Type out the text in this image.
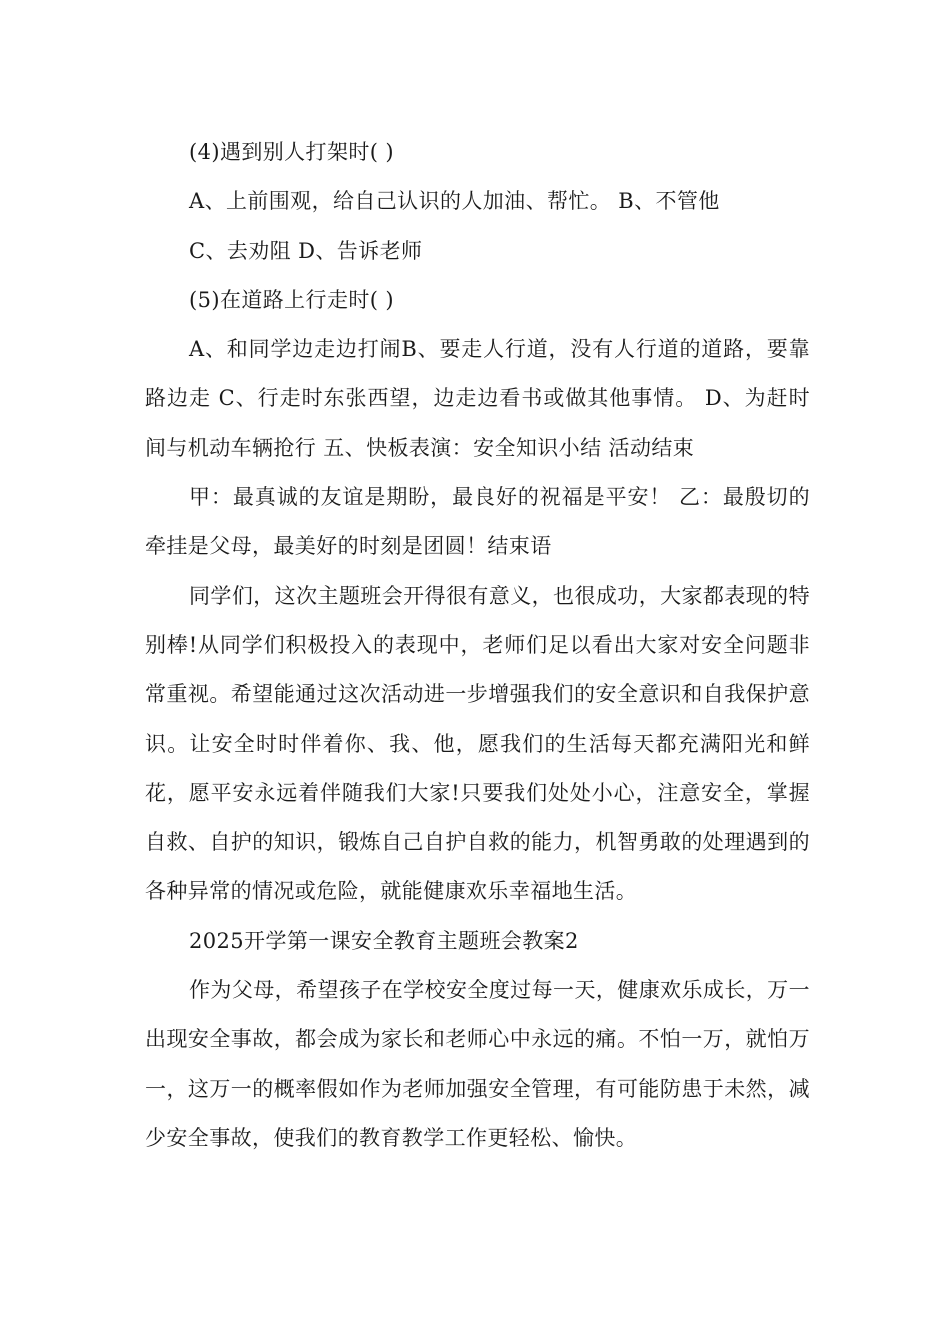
(4)遇到别人打架时( )

A、上前围观，给自己认识的人加油、帮忙。 B、不管他

C、去劝阻 D、告诉老师

(5)在道路上行走时( )

A、和同学边走边打闹B、要走人行道，没有人行道的道路，要靠路边走 C、行走时东张西望，边走边看书或做其他事情。 D、为赶时间与机动车辆抢行 五、快板表演：安全知识小结 活动结束

甲：最真诚的友谊是期盼，最良好的祝福是平安！ 乙：最殷切的牵挂是父母，最美好的时刻是团圆！结束语

同学们，这次主题班会开得很有意义，也很成功，大家都表现的特别棒!从同学们积极投入的表现中，老师们足以看出大家对安全问题非常重视。希望能通过这次活动进一步增强我们的安全意识和自我保护意识。让安全时时伴着你、我、他，愿我们的生活每天都充满阳光和鲜花，愿平安永远着伴随我们大家!只要我们处处小心，注意安全，掌握自救、自护的知识，锻炼自己自护自救的能力，机智勇敢的处理遇到的各种异常的情况或危险，就能健康欢乐幸福地生活。

2025开学第一课安全教育主题班会教案2

作为父母，希望孩子在学校安全度过每一天，健康欢乐成长，万一出现安全事故，都会成为家长和老师心中永远的痛。不怕一万，就怕万一，这万一的概率假如作为老师加强安全管理，有可能防患于未然，减少安全事故，使我们的教育教学工作更轻松、愉快。
